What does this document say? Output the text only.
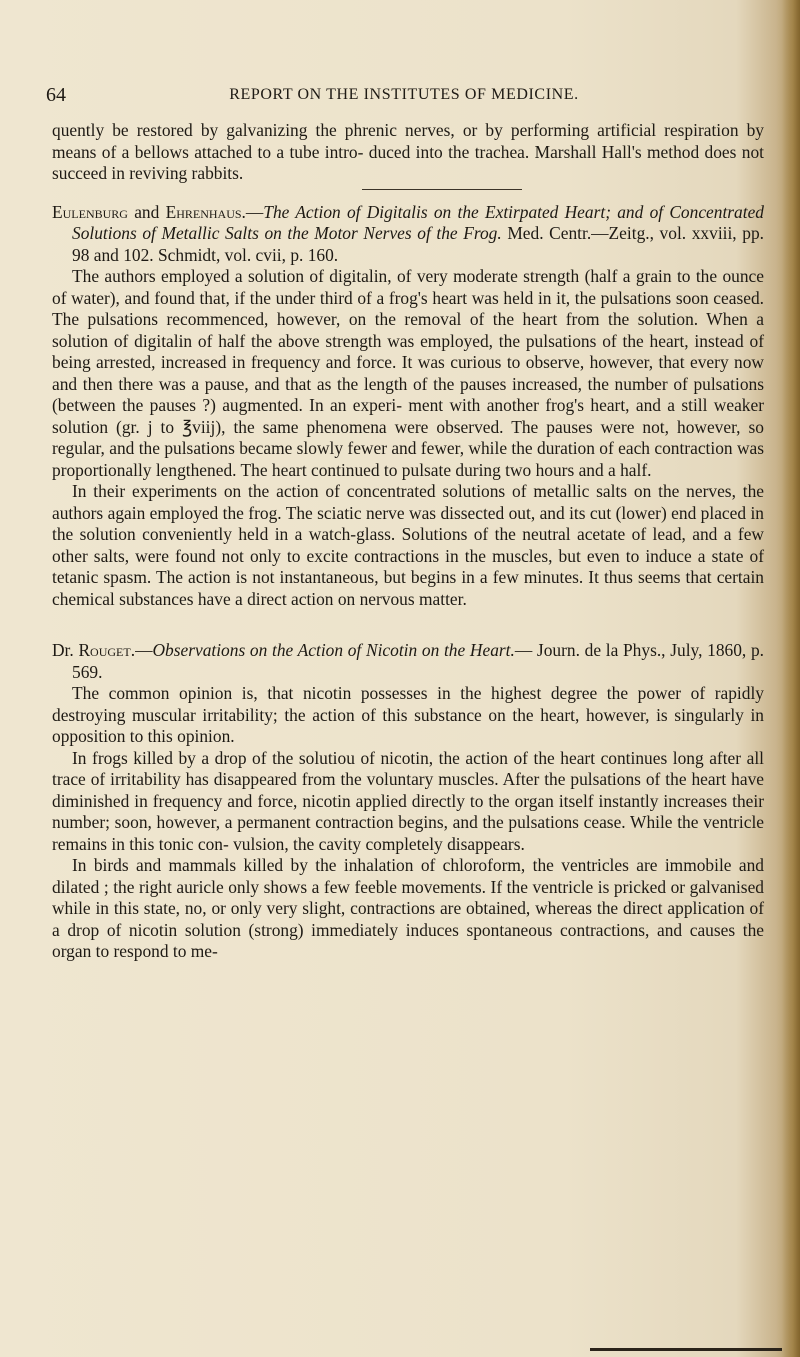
64	REPORT ON THE INSTITUTES OF MEDICINE.

quently be restored by galvanizing the phrenic nerves, or by performing artificial respiration by means of a bellows attached to a tube intro- duced into the trachea. Marshall Hall's method does not succeed in reviving rabbits.

Eulenburg and Ehrenhaus.—The Action of Digitalis on the Extirpated Heart; and of Concentrated Solutions of Metallic Salts on the Motor Nerves of the Frog. Med. Centr.—Zeitg., vol. xxviii, pp. 98 and 102. Schmidt, vol. cvii, p. 160.

The authors employed a solution of digitalin, of very moderate strength (half a grain to the ounce of water), and found that, if the under third of a frog's heart was held in it, the pulsations soon ceased. The pulsations recommenced, however, on the removal of the heart from the solution. When a solution of digitalin of half the above strength was employed, the pulsations of the heart, instead of being arrested, increased in frequency and force. It was curious to observe, however, that every now and then there was a pause, and that as the length of the pauses increased, the number of pulsations (between the pauses ?) augmented. In an experi- ment with another frog's heart, and a still weaker solution (gr. j to ℥viij), the same phenomena were observed. The pauses were not, however, so regular, and the pulsations became slowly fewer and fewer, while the duration of each contraction was proportionally lengthened. The heart continued to pulsate during two hours and a half.

In their experiments on the action of concentrated solutions of metallic salts on the nerves, the authors again employed the frog. The sciatic nerve was dissected out, and its cut (lower) end placed in the solution conveniently held in a watch-glass. Solutions of the neutral acetate of lead, and a few other salts, were found not only to excite contractions in the muscles, but even to induce a state of tetanic spasm. The action is not instantaneous, but begins in a few minutes. It thus seems that certain chemical substances have a direct action on nervous matter.

Dr. Rouget.—Observations on the Action of Nicotin on the Heart.— Journ. de la Phys., July, 1860, p. 569.

The common opinion is, that nicotin possesses in the highest degree the power of rapidly destroying muscular irritability; the action of this substance on the heart, however, is singularly in opposition to this opinion.

In frogs killed by a drop of the solutiou of nicotin, the action of the heart continues long after all trace of irritability has disappeared from the voluntary muscles. After the pulsations of the heart have diminished in frequency and force, nicotin applied directly to the organ itself instantly increases their number; soon, however, a permanent contraction begins, and the pulsations cease. While the ventricle remains in this tonic con- vulsion, the cavity completely disappears.

In birds and mammals killed by the inhalation of chloroform, the ventricles are immobile and dilated ; the right auricle only shows a few feeble movements. If the ventricle is pricked or galvanised while in this state, no, or only very slight, contractions are obtained, whereas the direct application of a drop of nicotin solution (strong) immediately induces spontaneous contractions, and causes the organ to respond to me-
